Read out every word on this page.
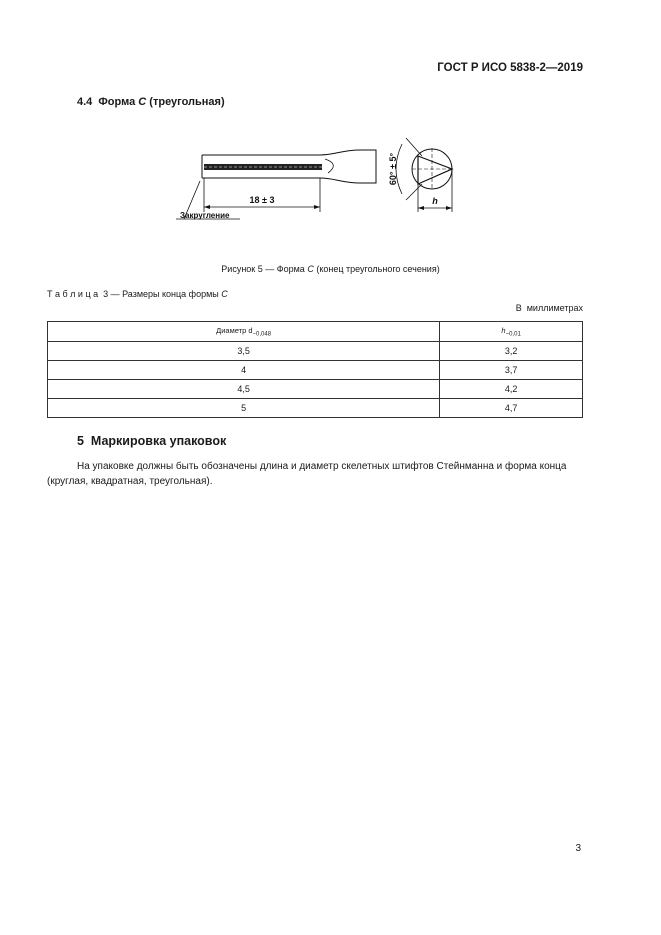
ГОСТ Р ИСО 5838-2—2019
4.4 Форма С (треугольная)
18 ± 3
Закругление
h
60° ± 5°
Рисунок 5 — Форма С (конец треугольного сечения)
Т а б л и ц а  3 — Размеры конца формы С
В  миллиметрах
Диаметр $d_{-0,048}$	$h_{-0,01}$
3,5	3,2
4	3,7
4,5	4,2
5	4,7
5  Маркировка упаковок
На упаковке должны быть обозначены длина и диаметр скелетных штифтов Стейнманна и форма конца (круглая, квадратная, треугольная).
3
